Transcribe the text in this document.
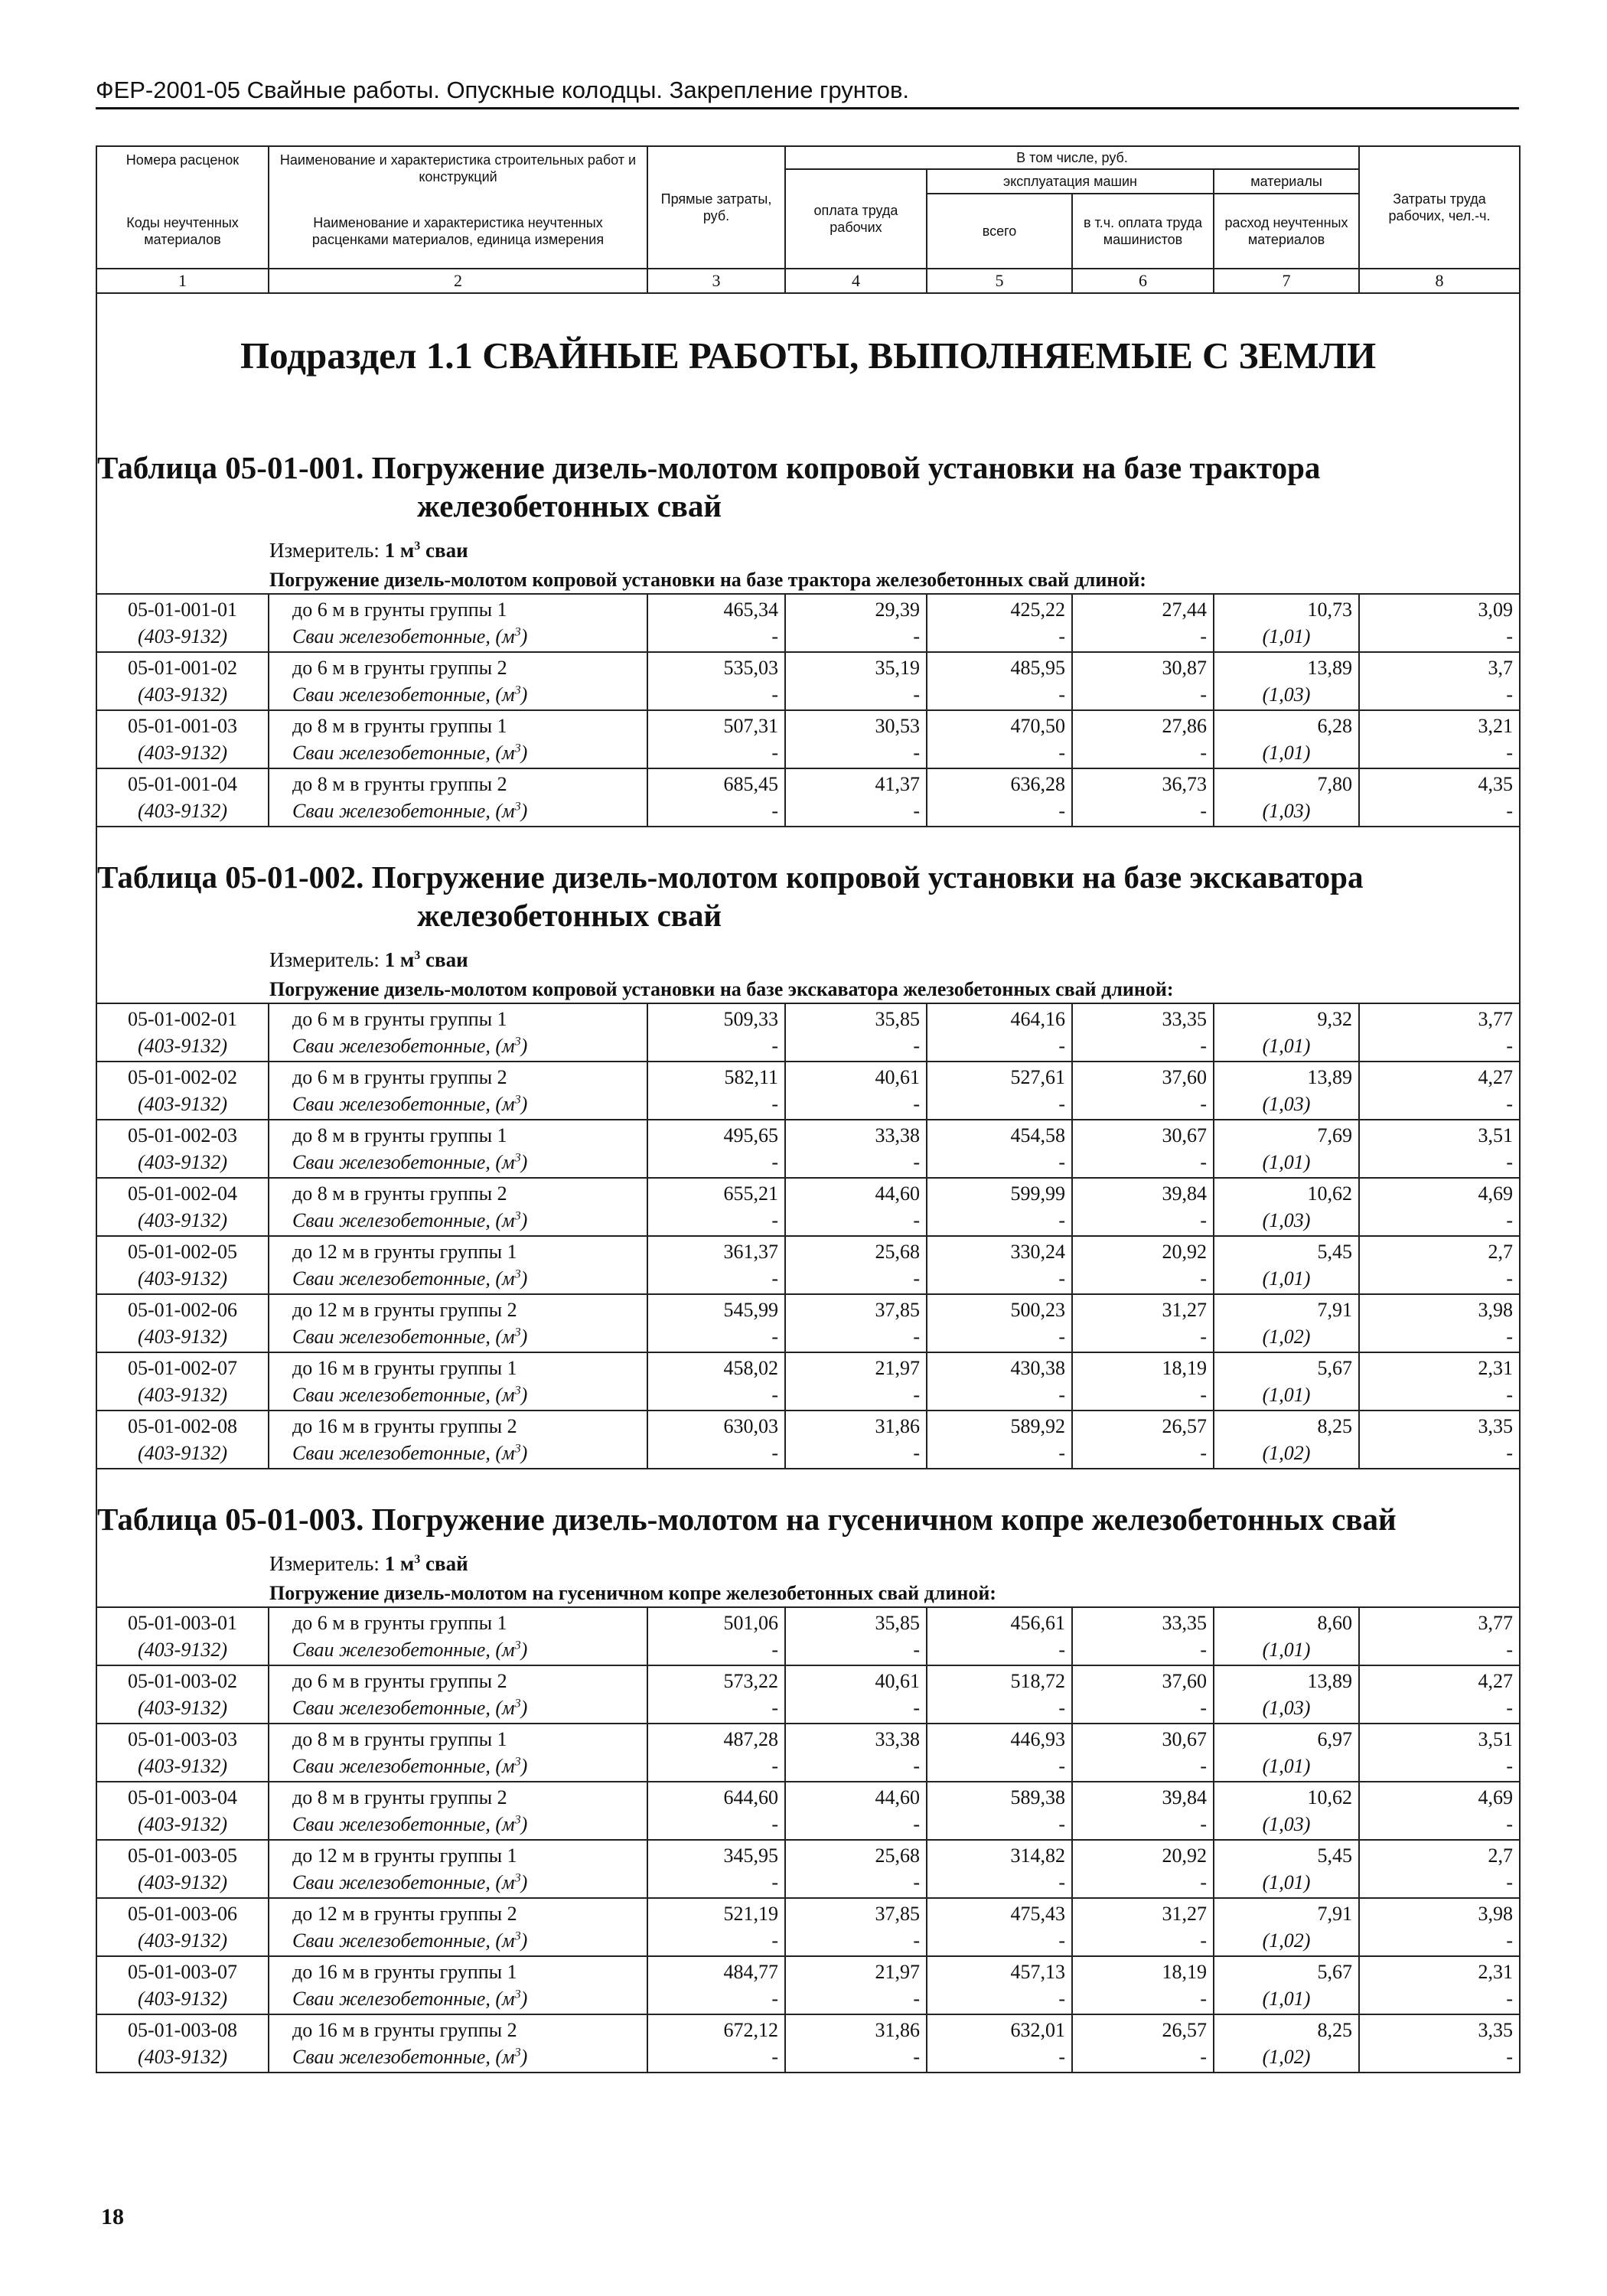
ФЕР-2001-05 Свайные работы. Опускные колодцы. Закрепление грунтов.
Номера расценок	Наименование и характеристика строительных работ и конструкций	Прямые затраты, руб.	В том числе, руб.				Затраты труда рабочих, чел.-ч.
			оплата труда рабочих	эксплуатация машин		материалы	
Коды неучтенных материалов	Наименование и характеристика неучтенных расценками материалов, единица измерения			всего	в т.ч. оплата труда машинистов	расход неучтенных материалов	

1	2	3	4	5	6	7	8
Подраздел 1.1 СВАЙНЫЕ РАБОТЫ, ВЫПОЛНЯЕМЫЕ С ЗЕМЛИ							
Таблица 05-01-001. Погружение дизель-молотом копровой установки на базе трактора
железобетонных свай							

Измеритель: 1 $м^3$ сваи							
Погружение дизель-молотом копровой установки на базе трактора железобетонных свай длиной:							
05-01-001-01	до 6 м в грунты группы 1	465,34	29,39	425,22	27,44	10,73	3,09
(403-9132)	Сваи железобетонные, $(м^3)$	-	-	-	-	(1,01)	-
05-01-001-02	до 6 м в грунты группы 2	535,03	35,19	485,95	30,87	13,89	3,7
(403-9132)	Сваи железобетонные, $(м^3)$	-	-	-	-	(1,03)	-
05-01-001-03	до 8 м в грунты группы 1	507,31	30,53	470,50	27,86	6,28	3,21
(403-9132)	Сваи железобетонные, $(м^3)$	-	-	-	-	(1,01)	-
05-01-001-04	до 8 м в грунты группы 2	685,45	41,37	636,28	36,73	7,80	4,35
(403-9132)	Сваи железобетонные, $(м^3)$	-	-	-	-	(1,03)	-
Таблица 05-01-002. Погружение дизель-молотом копровой установки на базе экскаватора
железобетонных свай							

Измеритель: 1 $м^3$ сваи							
Погружение дизель-молотом копровой установки на базе экскаватора железобетонных свай длиной:							
05-01-002-01	до 6 м в грунты группы 1	509,33	35,85	464,16	33,35	9,32	3,77
(403-9132)	Сваи железобетонные, $(м^3)$	-	-	-	-	(1,01)	-
05-01-002-02	до 6 м в грунты группы 2	582,11	40,61	527,61	37,60	13,89	4,27
(403-9132)	Сваи железобетонные, $(м^3)$	-	-	-	-	(1,03)	-
05-01-002-03	до 8 м в грунты группы 1	495,65	33,38	454,58	30,67	7,69	3,51
(403-9132)	Сваи железобетонные, $(м^3)$	-	-	-	-	(1,01)	-
05-01-002-04	до 8 м в грунты группы 2	655,21	44,60	599,99	39,84	10,62	4,69
(403-9132)	Сваи железобетонные, $(м^3)$	-	-	-	-	(1,03)	-
05-01-002-05	до 12 м в грунты группы 1	361,37	25,68	330,24	20,92	5,45	2,7
(403-9132)	Сваи железобетонные, $(м^3)$	-	-	-	-	(1,01)	-
05-01-002-06	до 12 м в грунты группы 2	545,99	37,85	500,23	31,27	7,91	3,98
(403-9132)	Сваи железобетонные, $(м^3)$	-	-	-	-	(1,02)	-
05-01-002-07	до 16 м в грунты группы 1	458,02	21,97	430,38	18,19	5,67	2,31
(403-9132)	Сваи железобетонные, $(м^3)$	-	-	-	-	(1,01)	-
05-01-002-08	до 16 м в грунты группы 2	630,03	31,86	589,92	26,57	8,25	3,35
(403-9132)	Сваи железобетонные, $(м^3)$	-	-	-	-	(1,02)	-
Таблица 05-01-003. Погружение дизель-молотом на гусеничном копре железобетонных свай							
Измеритель: 1 $м^3$ свай							
Погружение дизель-молотом на гусеничном копре железобетонных свай длиной:							
05-01-003-01	до 6 м в грунты группы 1	501,06	35,85	456,61	33,35	8,60	3,77
(403-9132)	Сваи железобетонные, $(м^3)$	-	-	-	-	(1,01)	-
05-01-003-02	до 6 м в грунты группы 2	573,22	40,61	518,72	37,60	13,89	4,27
(403-9132)	Сваи железобетонные, $(м^3)$	-	-	-	-	(1,03)	-
05-01-003-03	до 8 м в грунты группы 1	487,28	33,38	446,93	30,67	6,97	3,51
(403-9132)	Сваи железобетонные, $(м^3)$	-	-	-	-	(1,01)	-
05-01-003-04	до 8 м в грунты группы 2	644,60	44,60	589,38	39,84	10,62	4,69
(403-9132)	Сваи железобетонные, $(м^3)$	-	-	-	-	(1,03)	-
05-01-003-05	до 12 м в грунты группы 1	345,95	25,68	314,82	20,92	5,45	2,7
(403-9132)	Сваи железобетонные, $(м^3)$	-	-	-	-	(1,01)	-
05-01-003-06	до 12 м в грунты группы 2	521,19	37,85	475,43	31,27	7,91	3,98
(403-9132)	Сваи железобетонные, $(м^3)$	-	-	-	-	(1,02)	-
05-01-003-07	до 16 м в грунты группы 1	484,77	21,97	457,13	18,19	5,67	2,31
(403-9132)	Сваи железобетонные, $(м^3)$	-	-	-	-	(1,01)	-
05-01-003-08	до 16 м в грунты группы 2	672,12	31,86	632,01	26,57	8,25	3,35
(403-9132)	Сваи железобетонные, $(м^3)$	-	-	-	-	(1,02)	-
18
